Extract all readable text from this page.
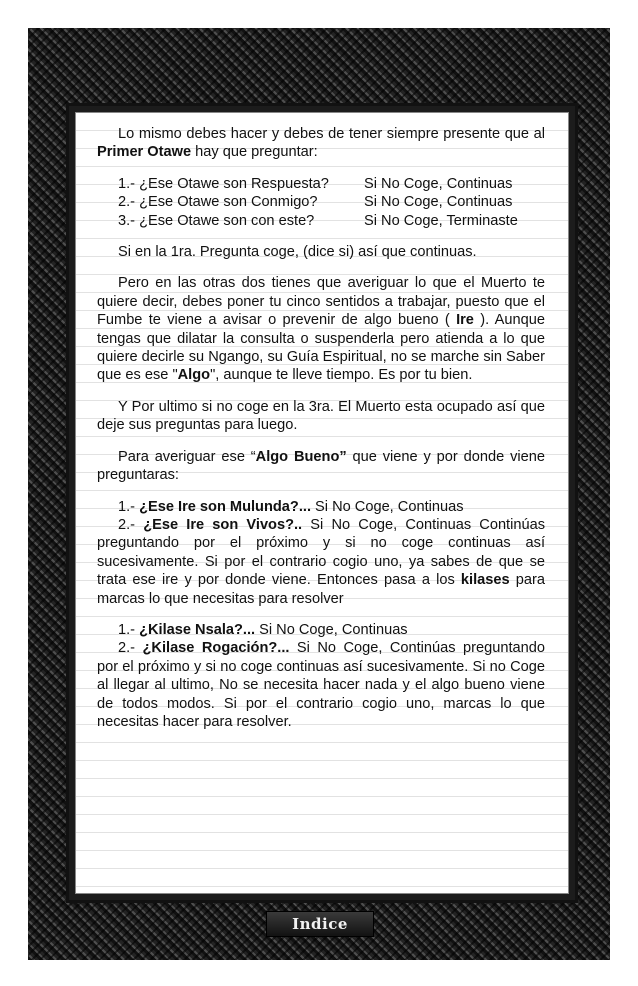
Lo mismo debes hacer y debes de tener siempre presente que al Primer Otawe hay que preguntar:

1.- ¿Ese Otawe son Respuesta?	Si No Coge, Continuas
2.- ¿Ese Otawe son Conmigo?	Si No Coge, Continuas
3.- ¿Ese Otawe son con este?	Si No Coge, Terminaste

Si en la 1ra. Pregunta coge, (dice si) así que continuas.

Pero en las otras dos tienes que averiguar lo que el Muerto te quiere decir, debes poner tu cinco sentidos a trabajar, puesto que el Fumbe te viene a avisar o prevenir de algo bueno ( Ire ). Aunque tengas que dilatar la consulta o suspenderla pero atienda a lo que quiere decirle su Ngango, su Guía Espiritual, no se marche sin Saber que es ese "Algo", aunque te lleve tiempo. Es por tu bien.

Y Por ultimo si no coge en la 3ra. El Muerto esta ocupado así que deje sus preguntas para luego.

Para averiguar ese “Algo Bueno” que viene y por donde viene preguntaras:

1.- ¿Ese Ire son Mulunda?... Si No Coge, Continuas
2.- ¿Ese Ire son Vivos?.. Si No Coge, Continuas Continúas preguntando por el próximo y si no coge continuas así sucesivamente. Si por el contrario cogio uno, ya sabes de que se trata ese ire y por donde viene. Entonces pasa a los kilases para marcas lo que necesitas para resolver
1.- ¿Kilase Nsala?... Si No Coge, Continuas
2.- ¿Kilase Rogación?... Si No Coge, Continúas preguntando por el próximo y si no coge continuas así sucesivamente. Si no Coge al llegar al ultimo, No se necesita hacer nada y el algo bueno viene de todos modos. Si por el contrario cogio uno, marcas lo que necesitas hacer para resolver.
Indice
